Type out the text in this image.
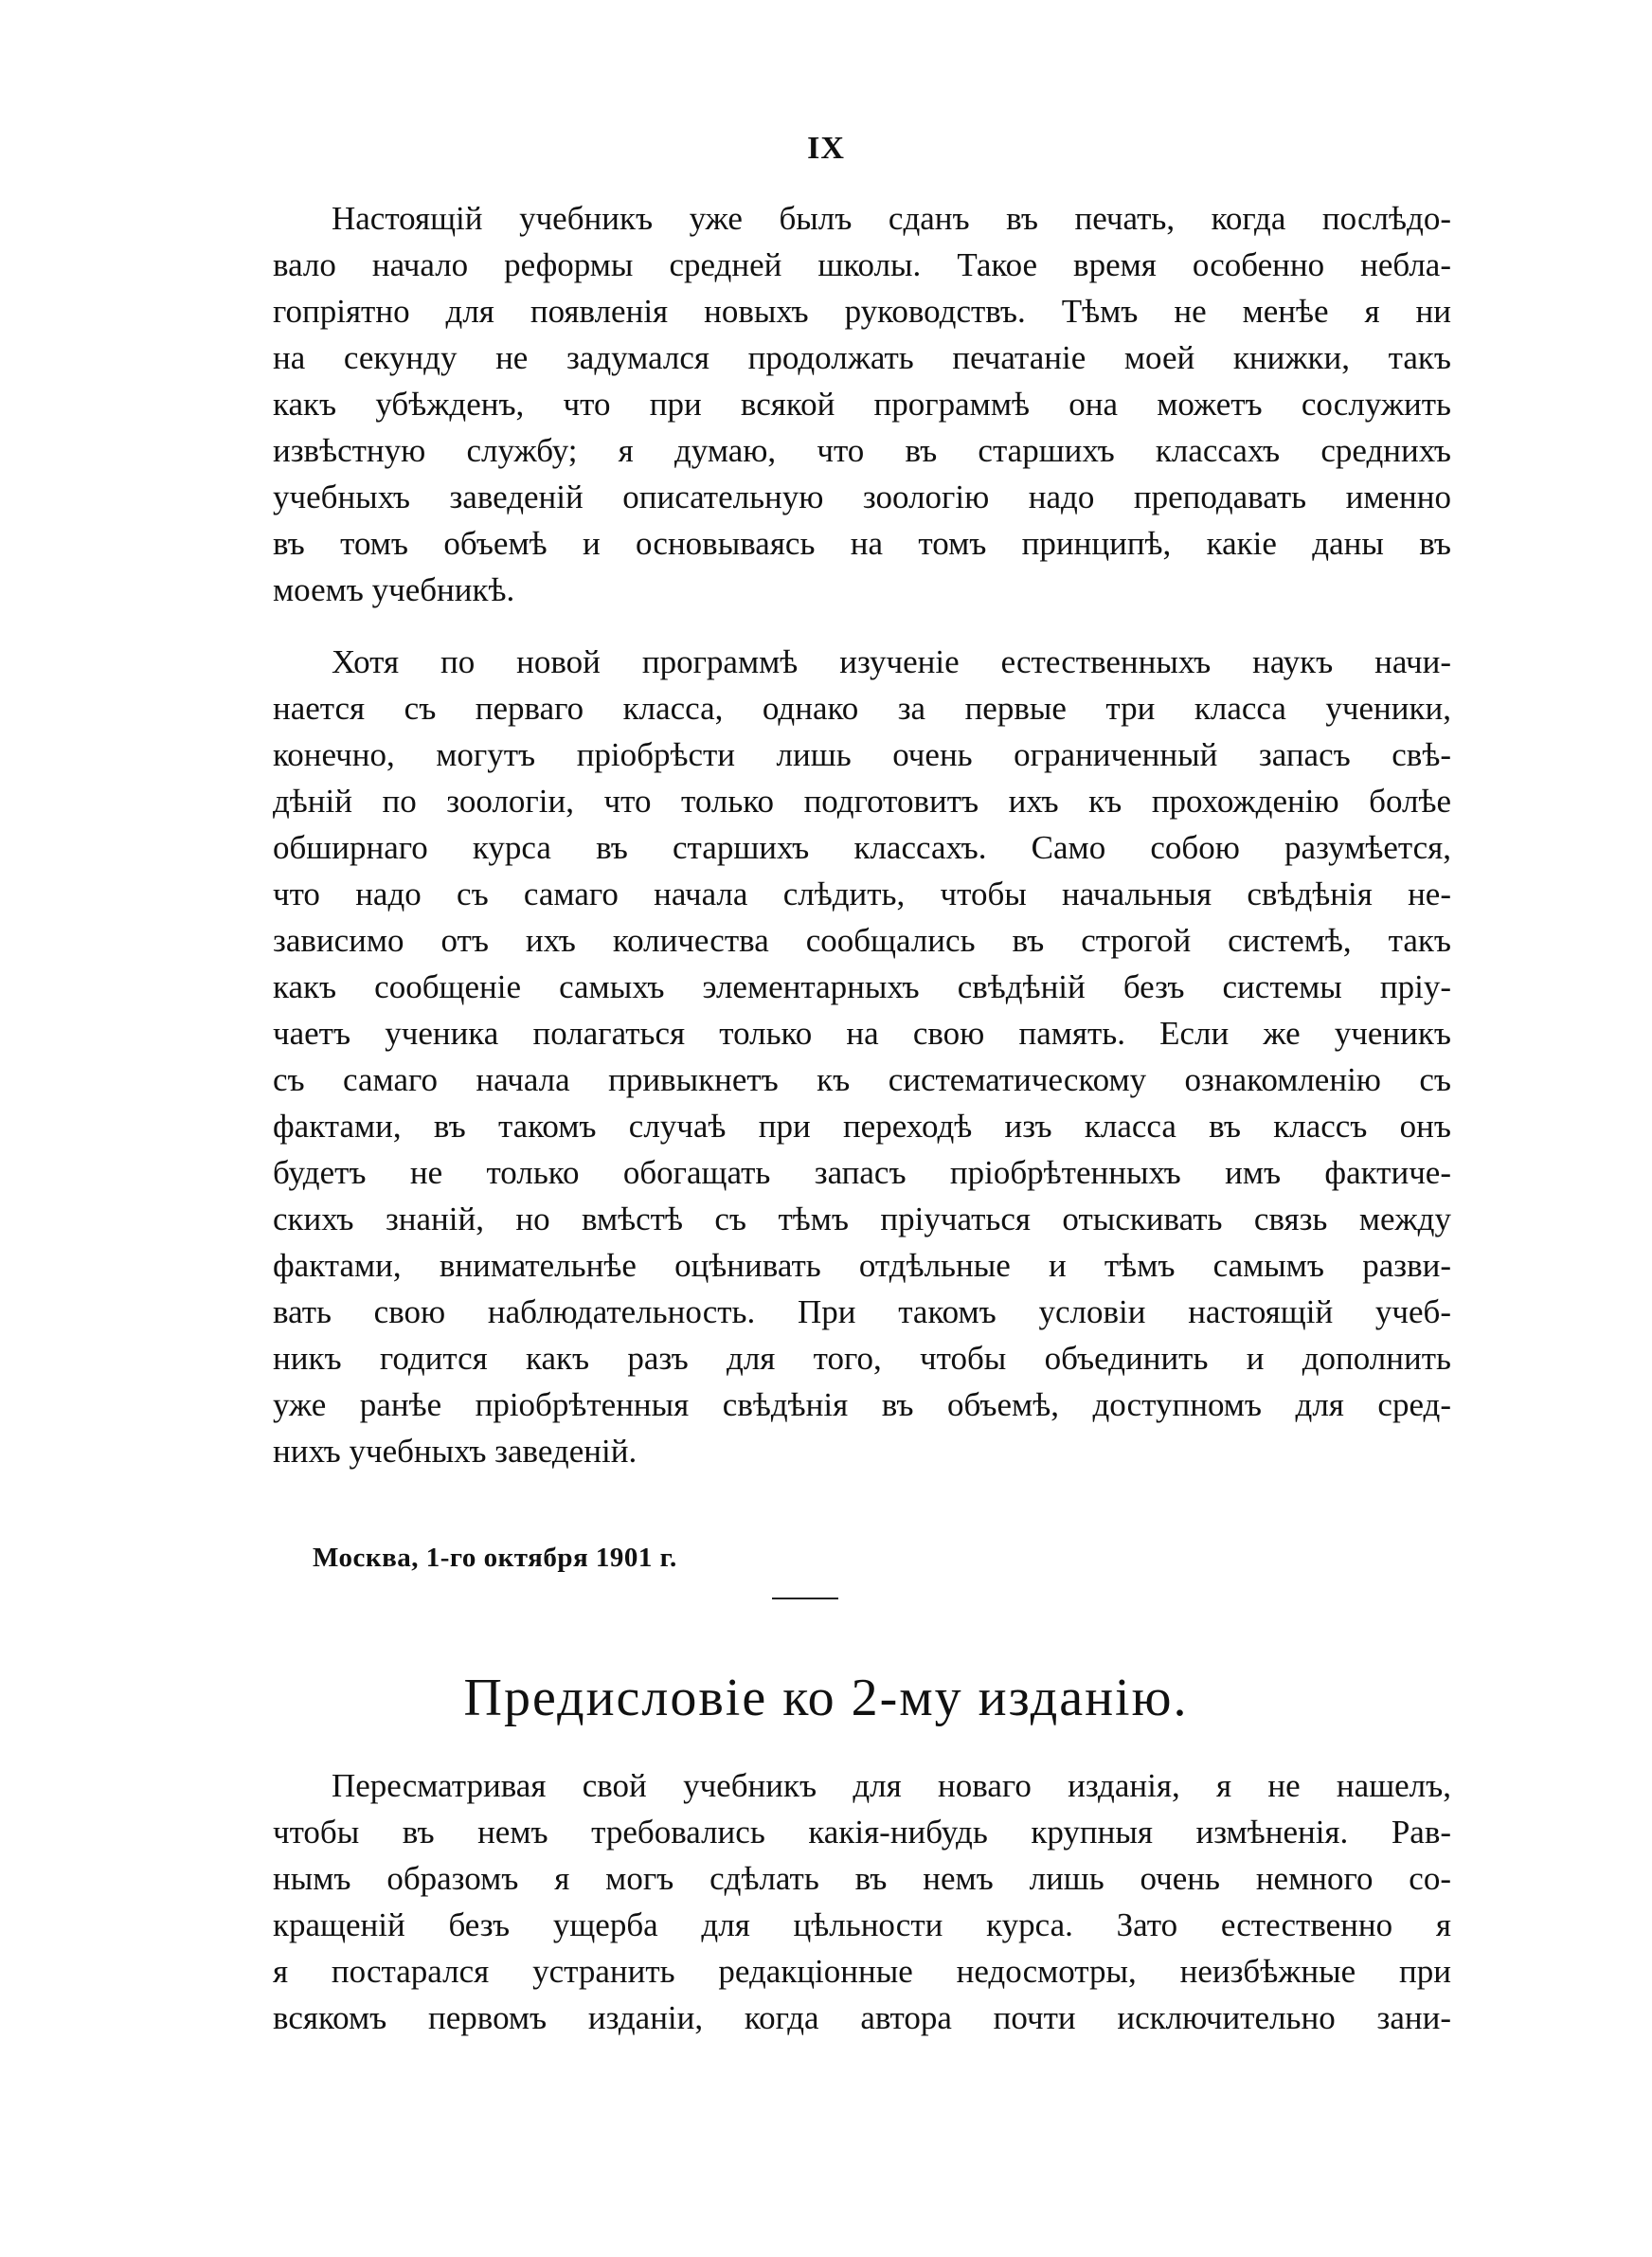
IX
Настоящій учебникъ уже былъ сданъ въ печать, когда послѣдо-
вало начало реформы средней школы. Такое время особенно небла-
гопріятно для появленія новыхъ руководствъ. Тѣмъ не менѣе я ни
на секунду не задумался продолжать печатаніе моей книжки, такъ
какъ убѣжденъ, что при всякой программѣ она можетъ сослужить
извѣстную службу; я думаю, что въ старшихъ классахъ среднихъ
учебныхъ заведеній описательную зоологію надо преподавать именно
въ томъ объемѣ и основываясь на томъ принципѣ, какіе даны въ
моемъ учебникѣ.
Хотя по новой программѣ изученіе естественныхъ наукъ начи-
нается съ перваго класса, однако за первые три класса ученики,
конечно, могутъ пріобрѣсти лишь очень ограниченный запасъ свѣ-
дѣній по зоологіи, что только подготовитъ ихъ къ прохожденію болѣе
обширнаго курса въ старшихъ классахъ. Само собою разумѣется,
что надо съ самаго начала слѣдить, чтобы начальныя свѣдѣнія не-
зависимо отъ ихъ количества сообщались въ строгой системѣ, такъ
какъ сообщеніе самыхъ элементарныхъ свѣдѣній безъ системы пріу-
чаетъ ученика полагаться только на свою память. Если же ученикъ
съ самаго начала привыкнетъ къ систематическому ознакомленію съ
фактами, въ такомъ случаѣ при переходѣ изъ класса въ классъ онъ
будетъ не только обогащать запасъ пріобрѣтенныхъ имъ фактиче-
скихъ знаній, но вмѣстѣ съ тѣмъ пріучаться отыскивать связь между
фактами, внимательнѣе оцѣнивать отдѣльные и тѣмъ самымъ разви-
вать свою наблюдательность. При такомъ условіи настоящій учеб-
никъ годится какъ разъ для того, чтобы объединить и дополнить
уже ранѣе пріобрѣтенныя свѣдѣнія въ объемѣ, доступномъ для сред-
нихъ учебныхъ заведеній.
Москва, 1-го октября 1901 г.
Предисловіе ко 2-му изданію.
Пересматривая свой учебникъ для новаго изданія, я не нашелъ,
чтобы въ немъ требовались какія-нибудь крупныя измѣненія. Рав-
нымъ образомъ я могъ сдѣлать въ немъ лишь очень немного со-
кращеній безъ ущерба для цѣльности курса. Зато естественно я
я постарался устранить редакціонные недосмотры, неизбѣжные при
всякомъ первомъ изданіи, когда автора почти исключительно зани-
